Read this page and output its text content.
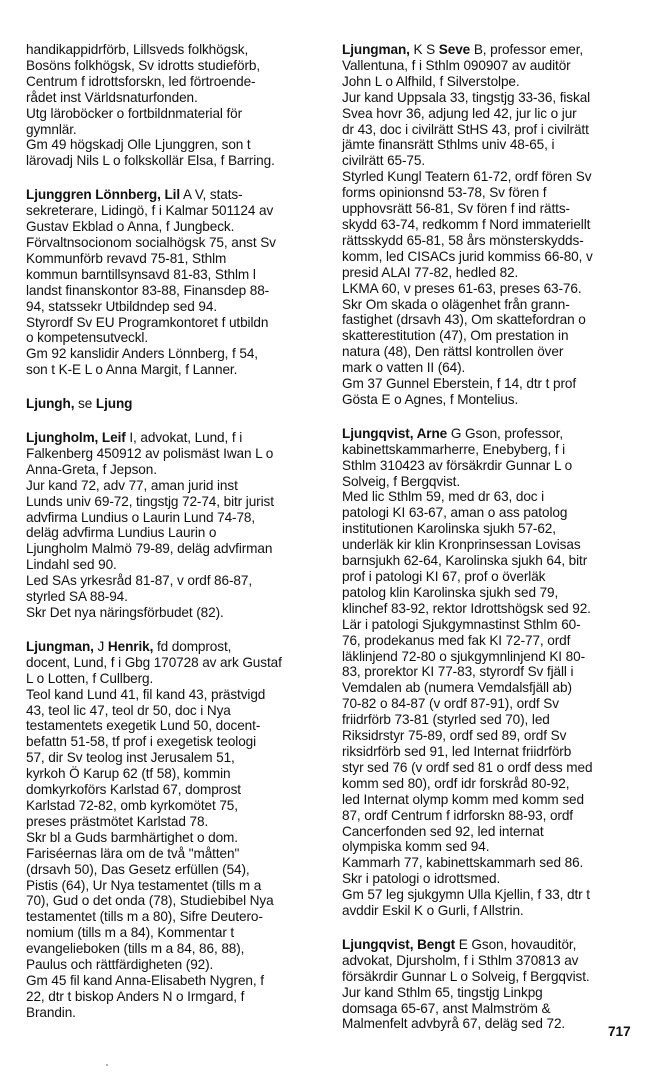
handikappidrförb, Lillsveds folkhögsk,
Bosöns folkhögsk, Sv idrotts studieförb,
Centrum f idrottsforskn, led förtroende-
rådet inst Världsnaturfonden.
Utg läroböcker o fortbildnmaterial för
gymnlär.
Gm 49 högskadj Olle Ljunggren, son t
lärovadj Nils L o folkskollär Elsa, f Barring.
Ljunggren Lönnberg, Lil A V, stats-
sekreterare, Lidingö, f i Kalmar 501124 av
Gustav Ekblad o Anna, f Jungbeck.
Förvaltnsocionom socialhögsk 75, anst Sv
Kommunförb revavd 75-81, Sthlm
kommun barntillsynsavd 81-83, Sthlm l
landst finanskontor 83-88, Finansdep 88-
94, statssekr Utbildndep sed 94.
Styrordf Sv EU Programkontoret f utbildn
o kompetensutveckl.
Gm 92 kanslidir Anders Lönnberg, f 54,
son t K-E L o Anna Margit, f Lanner.
Ljungh, se Ljung
Ljungholm, Leif I, advokat, Lund, f i
Falkenberg 450912 av polismäst Iwan L o
Anna-Greta, f Jepson.
Jur kand 72, adv 77, aman jurid inst
Lunds univ 69-72, tingstjg 72-74, bitr jurist
advfirma Lundius o Laurin Lund 74-78,
deläg advfirma Lundius Laurin o
Ljungholm Malmö 79-89, deläg advfirman
Lindahl sed 90.
Led SAs yrkesråd 81-87, v ordf 86-87,
styrled SA 88-94.
Skr Det nya näringsförbudet (82).
Ljungman, J Henrik, fd domprost,
docent, Lund, f i Gbg 170728 av ark Gustaf
L o Lotten, f Cullberg.
Teol kand Lund 41, fil kand 43, prästvigd
43, teol lic 47, teol dr 50, doc i Nya
testamentets exegetik Lund 50, docent-
befattn 51-58, tf prof i exegetisk teologi
57, dir Sv teolog inst Jerusalem 51,
kyrkoh Ö Karup 62 (tf 58), kommin
domkyrkoförs Karlstad 67, domprost
Karlstad 72-82, omb kyrkomötet 75,
preses prästmötet Karlstad 78.
Skr bl a Guds barmhärtighet o dom.
Fariséernas lära om de två "måtten"
(drsavh 50), Das Gesetz erfüllen (54),
Pistis (64), Ur Nya testamentet (tills m a
70), Gud o det onda (78), Studiebibel Nya
testamentet (tills m a 80), Sifre Deutero-
nomium (tills m a 84), Kommentar t
evangelieboken (tills m a 84, 86, 88),
Paulus och rättfärdigheten (92).
Gm 45 fil kand Anna-Elisabeth Nygren, f
22, dtr t biskop Anders N o Irmgard, f
Brandin.
Ljungman, K S Seve B, professor emer,
Vallentuna, f i Sthlm 090907 av auditör
John L o Alfhild, f Silverstolpe.
Jur kand Uppsala 33, tingstjg 33-36, fiskal
Svea hovr 36, adjung led 42, jur lic o jur
dr 43, doc i civilrätt StHS 43, prof i civilrätt
jämte finansrätt Sthlms univ 48-65, i
civilrätt 65-75.
Styrled Kungl Teatern 61-72, ordf fören Sv
forms opinionsnd 53-78, Sv fören f
upphovsrätt 56-81, Sv fören f ind rätts-
skydd 63-74, redkomm f Nord immateriellt
rättsskydd 65-81, 58 års mönsterskydds-
komm, led CISACs jurid kommiss 66-80, v
presid ALAI 77-82, hedled 82.
LKMA 60, v preses 61-63, preses 63-76.
Skr Om skada o olägenhet från grann-
fastighet (drsavh 43), Om skattefordran o
skatterestitution (47), Om prestation in
natura (48), Den rättsl kontrollen över
mark o vatten II (64).
Gm 37 Gunnel Eberstein, f 14, dtr t prof
Gösta E o Agnes, f Montelius.
Ljungqvist, Arne G Gson, professor,
kabinettskammarherre, Enebyberg, f i
Sthlm 310423 av försäkrdir Gunnar L o
Solveig, f Bergqvist.
Med lic Sthlm 59, med dr 63, doc i
patologi KI 63-67, aman o ass patolog
institutionen Karolinska sjukh 57-62,
underläk kir klin Kronprinsessan Lovisas
barnsjukh 62-64, Karolinska sjukh 64, bitr
prof i patologi KI 67, prof o överläk
patolog klin Karolinska sjukh sed 79,
klinchef 83-92, rektor Idrottshögsk sed 92.
Lär i patologi Sjukgymnastinst Sthlm 60-
76, prodekanus med fak KI 72-77, ordf
läklinjend 72-80 o sjukgymnlinjend KI 80-
83, prorektor KI 77-83, styrordf Sv fjäll i
Vemdalen ab (numera Vemdalsfjäll ab)
70-82 o 84-87 (v ordf 87-91), ordf Sv
friidrförb 73-81 (styrled sed 70), led
Riksidrstyr 75-89, ordf sed 89, ordf Sv
riksidrförb sed 91, led Internat friidrförb
styr sed 76 (v ordf sed 81 o ordf dess med
komm sed 80), ordf idr forskråd 80-92,
led Internat olymp komm med komm sed
87, ordf Centrum f idrforskn 88-93, ordf
Cancerfonden sed 92, led internat
olympiska komm sed 94.
Kammarh 77, kabinettskammarh sed 86.
Skr i patologi o idrottsmed.
Gm 57 leg sjukgymn Ulla Kjellin, f 33, dtr t
avddir Eskil K o Gurli, f Allstrin.
Ljungqvist, Bengt E Gson, hovauditör,
advokat, Djursholm, f i Sthlm 370813 av
försäkrdir Gunnar L o Solveig, f Bergqvist.
Jur kand Sthlm 65, tingstjg Linkpg
domsaga 65-67, anst Malmström &
Malmenfelt advbyrå 67, deläg sed 72.
717
